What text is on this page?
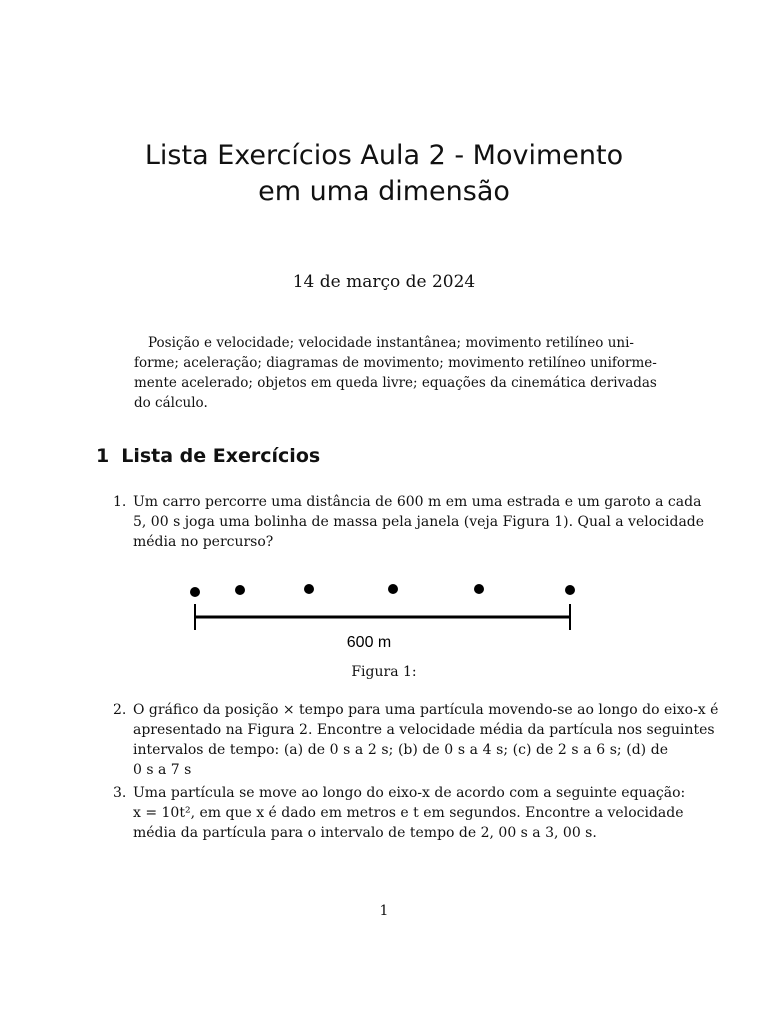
Lista Exercícios Aula 2 - Movimento
em uma dimensão

14 de março de 2024

Posição e velocidade; velocidade instantânea; movimento retilíneo uni-
forme; aceleração; diagramas de movimento; movimento retilíneo uniforme-
mente acelerado; objetos em queda livre; equações da cinemática derivadas
do cálculo.

1 Lista de Exercícios
1. Um carro percorre uma distância de 600 m em uma estrada e um garoto a cada
5, 00 s joga uma bolinha de massa pela janela (veja Figura 1). Qual a velocidade
média no percurso?
600 m

Figura 1:

2. O gráfico da posição × tempo para uma partícula movendo-se ao longo do eixo-x é
apresentado na Figura 2. Encontre a velocidade média da partícula nos seguintes
intervalos de tempo: (a) de 0 s a 2 s; (b) de 0 s a 4 s; (c) de 2 s a 6 s; (d) de
0 s a 7 s
3. Uma partícula se move ao longo do eixo-x de acordo com a seguinte equação:
x = 10t², em que x é dado em metros e t em segundos. Encontre a velocidade
média da partícula para o intervalo de tempo de 2, 00 s a 3, 00 s.

1
